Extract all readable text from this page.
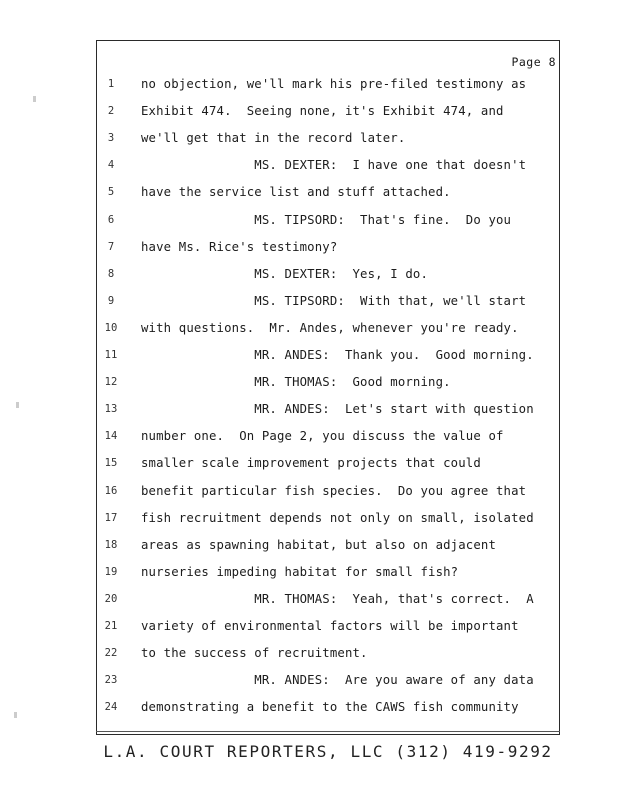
Page 8
1	no objection, we'll mark his pre-filed testimony as
2	Exhibit 474.  Seeing none, it's Exhibit 474, and
3	we'll get that in the record later.
4	MS. DEXTER:  I have one that doesn't
5	have the service list and stuff attached.
6	MS. TIPSORD:  That's fine.  Do you
7	have Ms. Rice's testimony?
8	MS. DEXTER:  Yes, I do.
9	MS. TIPSORD:  With that, we'll start
10	with questions.  Mr. Andes, whenever you're ready.
11	MR. ANDES:  Thank you.  Good morning.
12	MR. THOMAS:  Good morning.
13	MR. ANDES:  Let's start with question
14	number one.  On Page 2, you discuss the value of
15	smaller scale improvement projects that could
16	benefit particular fish species.  Do you agree that
17	fish recruitment depends not only on small, isolated
18	areas as spawning habitat, but also on adjacent
19	nurseries impeding habitat for small fish?
20	MR. THOMAS:  Yeah, that's correct.  A
21	variety of environmental factors will be important
22	to the success of recruitment.
23	MR. ANDES:  Are you aware of any data
24	demonstrating a benefit to the CAWS fish community
L.A. COURT REPORTERS, LLC (312) 419-9292
